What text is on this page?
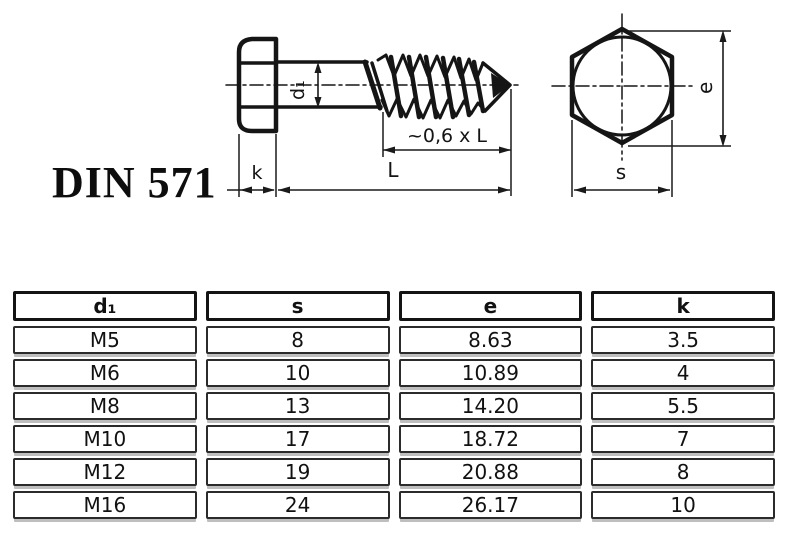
DIN 571
d₁
~0,6 x L
k	L
e
s
d₁	s	e	k
M5	8	8.63	3.5
M6	10	10.89	4
M8	13	14.20	5.5
M10	17	18.72	7
M12	19	20.88	8
M16	24	26.17	10
